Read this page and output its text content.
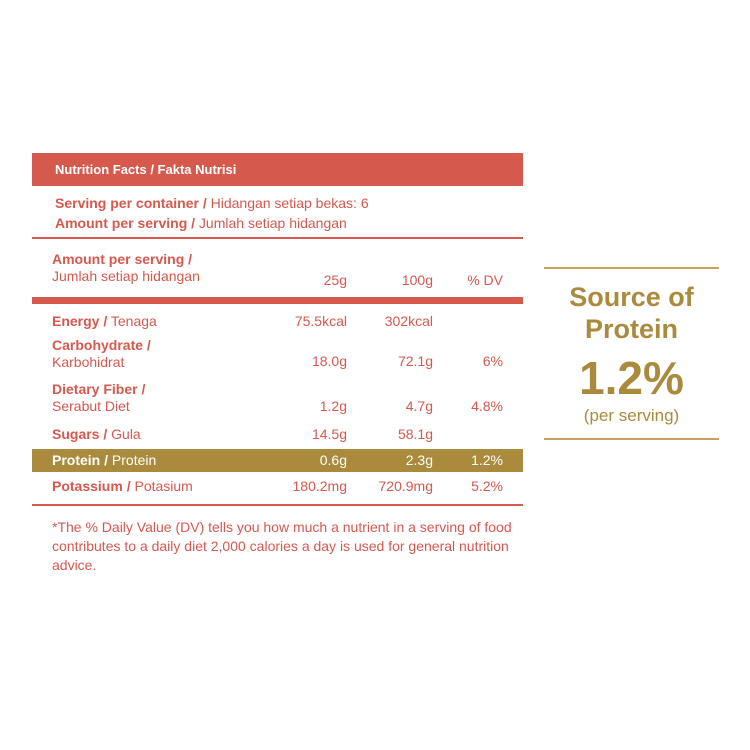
Nutrition Facts / Fakta Nutrisi
Serving per container / Hidangan setiap bekas: 6
Amount per serving / Jumlah setiap hidangan
Amount per serving /
Jumlah setiap hidangan	25g	100g % DV
Energy / Tenaga	75.5kcal	302kcal
Carbohydrate /
Karbohidrat	18.0g	72.1g	6%
Dietary Fiber /
Serabut Diet	1.2g	4.7g	4.8%
Sugars / Gula	14.5g	58.1g
Protein / Protein	0.6g	2.3g	1.2%
Potassium / Potasium	180.2mg 720.9mg	5.2%
*The % Daily Value (DV) tells you how much a nutrient in a serving of food contributes to a daily diet 2,000 calories a day is used for general nutrition advice.
Source of
Protein
1.2%
(per serving)
